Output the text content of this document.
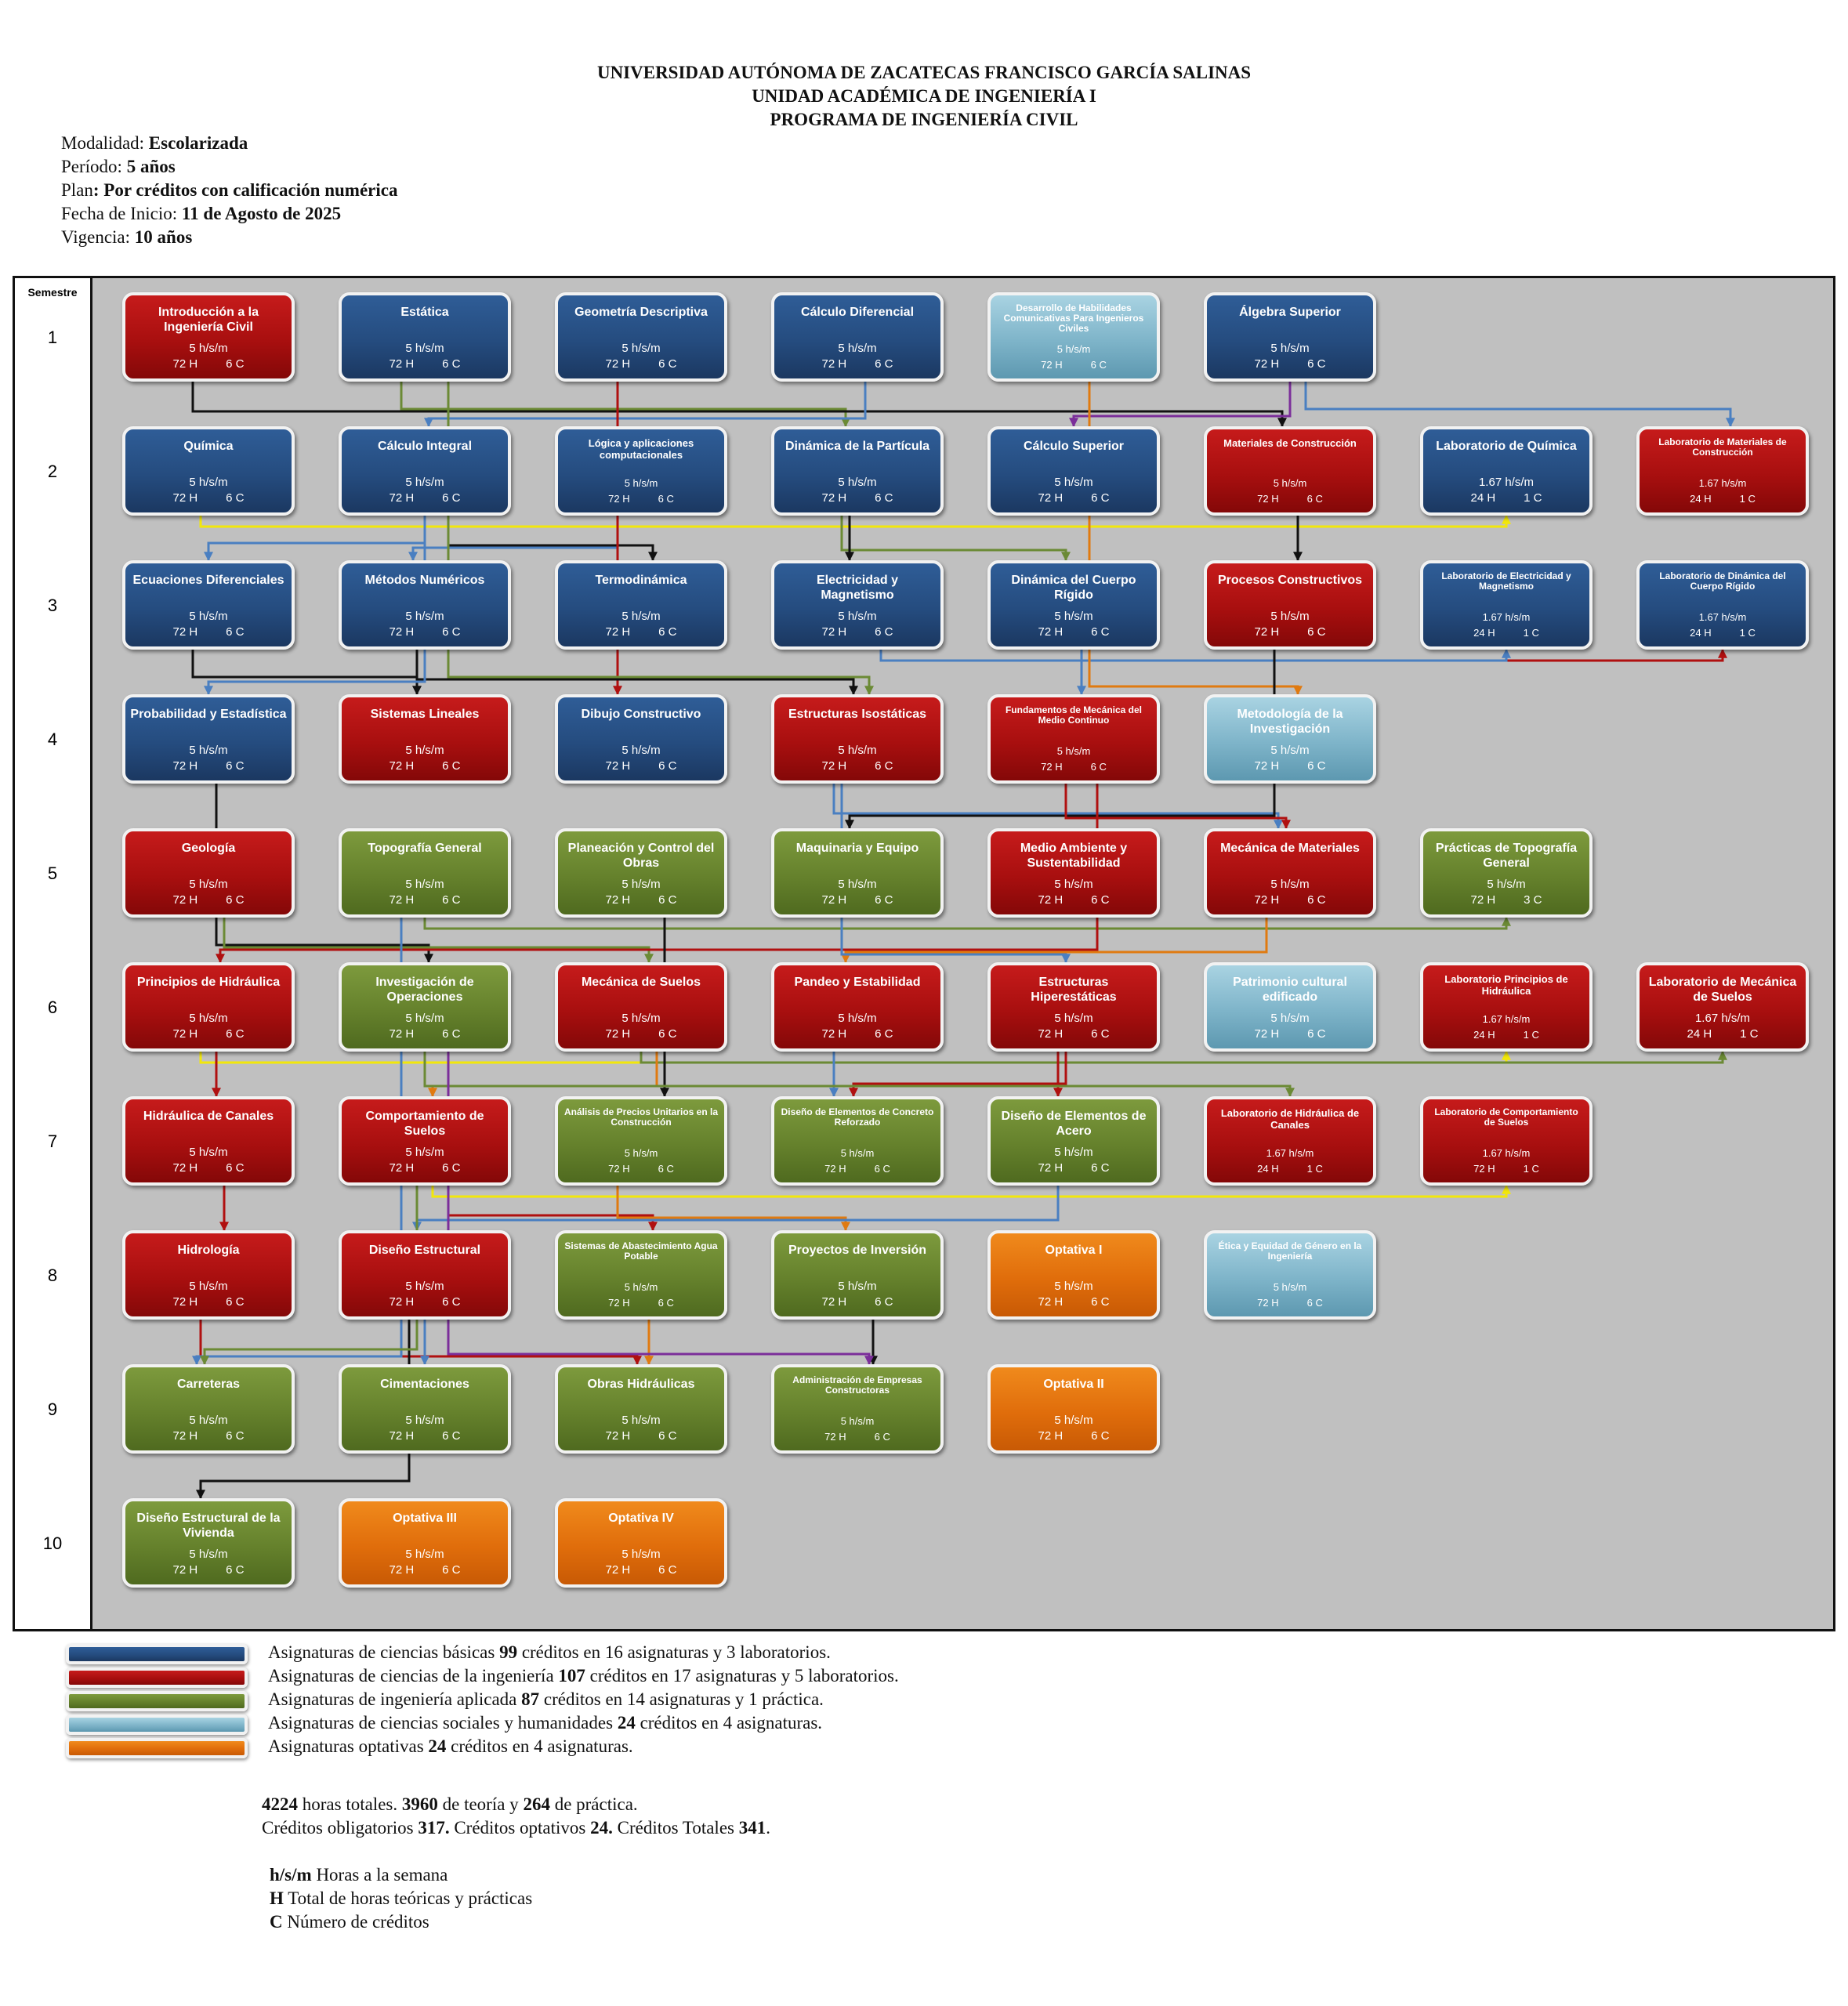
UNIVERSIDAD AUTÓNOMA DE ZACATECAS FRANCISCO GARCÍA SALINAS
UNIDAD ACADÉMICA DE INGENIERÍA I
PROGRAMA DE INGENIERÍA CIVIL
Modalidad: Escolarizada
Período: 5 años
Plan: Por créditos con calificación numérica
Fecha de Inicio: 11 de Agosto de 2025
Vigencia: 10 años
Semestre
1
2
3
4
5
6
7
8
9
10
Introducción a la Ingeniería Civil
5 h/s/m
72 H 6 C
Estática
5 h/s/m
72 H 6 C
Geometría Descriptiva
5 h/s/m
72 H 6 C
Cálculo Diferencial
5 h/s/m
72 H 6 C
Desarrollo de Habilidades Comunicativas Para Ingenieros Civiles
5 h/s/m
72 H	6 C
Álgebra Superior
5 h/s/m
72 H 6 C
Química
5 h/s/m
72 H 6 C
Cálculo Integral
5 h/s/m
72 H 6 C
Lógica y aplicaciones computacionales
5 h/s/m
72 H	6 C
Dinámica de la Partícula
5 h/s/m
72 H 6 C
Cálculo Superior
5 h/s/m
72 H 6 C
Materiales de Construcción
5 h/s/m
72 H	6 C
Laboratorio de Química
1.67 h/s/m
24 H 1 C
Laboratorio de Materiales de Construcción
1.67 h/s/m
24 H	1 C
Ecuaciones Diferenciales
5 h/s/m
72 H 6 C
Métodos Numéricos
5 h/s/m
72 H 6 C
Termodinámica
5 h/s/m
72 H 6 C
Electricidad y Magnetismo
5 h/s/m
72 H 6 C
Dinámica del Cuerpo Rígido
5 h/s/m
72 H 6 C
Procesos Constructivos
5 h/s/m
72 H 6 C
Laboratorio de Electricidad y Magnetismo
1.67 h/s/m
24 H	1 C
Laboratorio de Dinámica del Cuerpo Rígido
1.67 h/s/m
24 H	1 C
Probabilidad y Estadística
5 h/s/m
72 H 6 C
Sistemas Lineales
5 h/s/m
72 H 6 C
Dibujo Constructivo
5 h/s/m
72 H 6 C
Estructuras Isostáticas
5 h/s/m
72 H 6 C
Fundamentos de Mecánica del Medio Continuo
5 h/s/m
72 H	6 C
Metodología de la Investigación
5 h/s/m
72 H 6 C
Geología
5 h/s/m
72 H 6 C
Topografía General
5 h/s/m
72 H 6 C
Planeación y Control del Obras
5 h/s/m
72 H 6 C
Maquinaria y Equipo
5 h/s/m
72 H 6 C
Medio Ambiente y Sustentabilidad
5 h/s/m
72 H 6 C
Mecánica de Materiales
5 h/s/m
72 H 6 C
Prácticas de Topografía General
5 h/s/m
72 H 3 C
Principios de Hidráulica
5 h/s/m
72 H 6 C
Investigación de Operaciones
5 h/s/m
72 H 6 C
Mecánica de Suelos
5 h/s/m
72 H 6 C
Pandeo y Estabilidad
5 h/s/m
72 H 6 C
Estructuras Hiperestáticas
5 h/s/m
72 H 6 C
Patrimonio cultural edificado
5 h/s/m
72 H 6 C
Laboratorio Principios de Hidráulica
1.67 h/s/m
24 H	1 C
Laboratorio de Mecánica de Suelos
1.67 h/s/m
24 H 1 C
Hidráulica de Canales
5 h/s/m
72 H 6 C
Comportamiento de Suelos
5 h/s/m
72 H 6 C
Análisis de Precios Unitarios en la Construcción
5 h/s/m
72 H	6 C
Diseño de Elementos de Concreto Reforzado
5 h/s/m
72 H	6 C
Diseño de Elementos de Acero
5 h/s/m
72 H 6 C
Laboratorio de Hidráulica de Canales
1.67 h/s/m
24 H	1 C
Laboratorio de Comportamiento de Suelos
1.67 h/s/m
72 H	1 C
Hidrología
5 h/s/m
72 H 6 C
Diseño Estructural
5 h/s/m
72 H 6 C
Sistemas de Abastecimiento Agua Potable
5 h/s/m
72 H	6 C
Proyectos de Inversión
5 h/s/m
72 H 6 C
Optativa I
5 h/s/m
72 H 6 C
Ética y Equidad de Género en la Ingeniería
5 h/s/m
72 H	6 C
Carreteras
5 h/s/m
72 H 6 C
Cimentaciones
5 h/s/m
72 H 6 C
Obras Hidráulicas
5 h/s/m
72 H 6 C
Administración de Empresas Constructoras
5 h/s/m
72 H	6 C
Optativa II
5 h/s/m
72 H 6 C
Diseño Estructural de la Vivienda
5 h/s/m
72 H 6 C
Optativa III
5 h/s/m
72 H 6 C
Optativa IV
5 h/s/m
72 H 6 C
Asignaturas de ciencias básicas 99 créditos en 16 asignaturas y 3 laboratorios.
Asignaturas de ciencias de la ingeniería 107 créditos en 17 asignaturas y 5 laboratorios.
Asignaturas de ingeniería aplicada 87 créditos en 14 asignaturas y 1 práctica.
Asignaturas de ciencias sociales y humanidades 24 créditos en 4 asignaturas.
Asignaturas optativas 24 créditos en 4 asignaturas.
4224 horas totales. 3960 de teoría y 264 de práctica.
Créditos obligatorios 317. Créditos optativos 24. Créditos Totales 341.
h/s/m Horas a la semana
H Total de horas teóricas y prácticas
C Número de créditos
